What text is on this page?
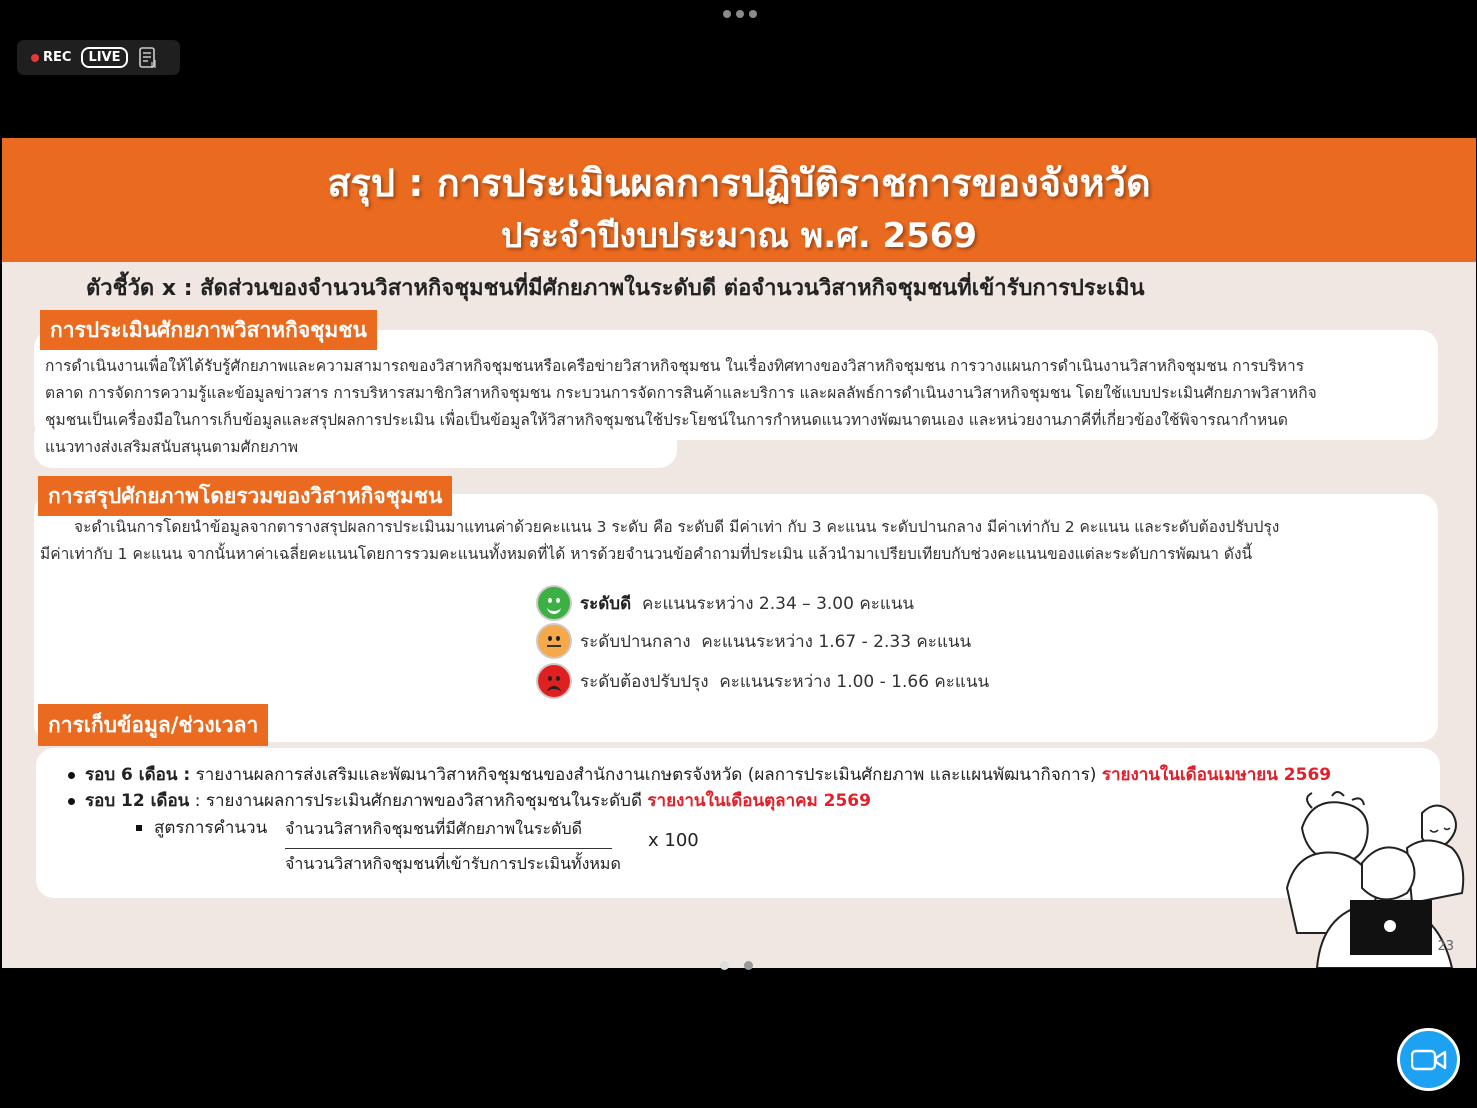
REC	LIVE
สรุป : การประเมินผลการปฏิบัติราชการของจังหวัด
ประจำปีงบประมาณ พ.ศ. 2569
ตัวชี้วัด x : สัดส่วนของจำนวนวิสาหกิจชุมชนที่มีศักยภาพในระดับดี ต่อจำนวนวิสาหกิจชุมชนที่เข้ารับการประเมิน
การประเมินศักยภาพวิสาหกิจชุมชน
การดำเนินงานเพื่อให้ได้รับรู้ศักยภาพและความสามารถของวิสาหกิจชุมชนหรือเครือข่ายวิสาหกิจชุมชน ในเรื่องทิศทางของวิสาหกิจชุมชน การวางแผนการดำเนินงานวิสาหกิจชุมชน การบริหาร
ตลาด การจัดการความรู้และข้อมูลข่าวสาร การบริหารสมาชิกวิสาหกิจชุมชน กระบวนการจัดการสินค้าและบริการ และผลลัพธ์การดำเนินงานวิสาหกิจชุมชน โดยใช้แบบประเมินศักยภาพวิสาหกิจ
ชุมชนเป็นเครื่องมือในการเก็บข้อมูลและสรุปผลการประเมิน เพื่อเป็นข้อมูลให้วิสาหกิจชุมชนใช้ประโยชน์ในการกำหนดแนวทางพัฒนาตนเอง และหน่วยงานภาคีที่เกี่ยวข้องใช้พิจารณากำหนด
แนวทางส่งเสริมสนับสนุนตามศักยภาพ
การสรุปศักยภาพโดยรวมของวิสาหกิจชุมชน
จะดำเนินการโดยนำข้อมูลจากตารางสรุปผลการประเมินมาแทนค่าด้วยคะแนน 3 ระดับ คือ ระดับดี มีค่าเท่า กับ 3 คะแนน ระดับปานกลาง มีค่าเท่ากับ 2 คะแนน และระดับต้องปรับปรุง
มีค่าเท่ากับ 1 คะแนน จากนั้นหาค่าเฉลี่ยคะแนนโดยการรวมคะแนนทั้งหมดที่ได้ หารด้วยจำนวนข้อคำถามที่ประเมิน แล้วนำมาเปรียบเทียบกับช่วงคะแนนของแต่ละระดับการพัฒนา ดังนี้
ระดับดี
คะแนนระหว่าง 2.34 – 3.00 คะแนน
ระดับปานกลาง
คะแนนระหว่าง 1.67 - 2.33 คะแนน
ระดับต้องปรับปรุง
คะแนนระหว่าง 1.00 - 1.66 คะแนน
การเก็บข้อมูล/ช่วงเวลา
รอบ 6 เดือน : รายงานผลการส่งเสริมและพัฒนาวิสาหกิจชุมชนของสำนักงานเกษตรจังหวัด (ผลการประเมินศักยภาพ และแผนพัฒนากิจการ) รายงานในเดือนเมษายน 2569
รอบ 12 เดือน : รายงานผลการประเมินศักยภาพของวิสาหกิจชุมชนในระดับดี รายงานในเดือนตุลาคม 2569
สูตรการคำนวน จำนวนวิสาหกิจชุมชนที่มีศักยภาพในระดับดี
จำนวนวิสาหกิจชุมชนที่เข้ารับการประเมินทั้งหมด
x 100
23
